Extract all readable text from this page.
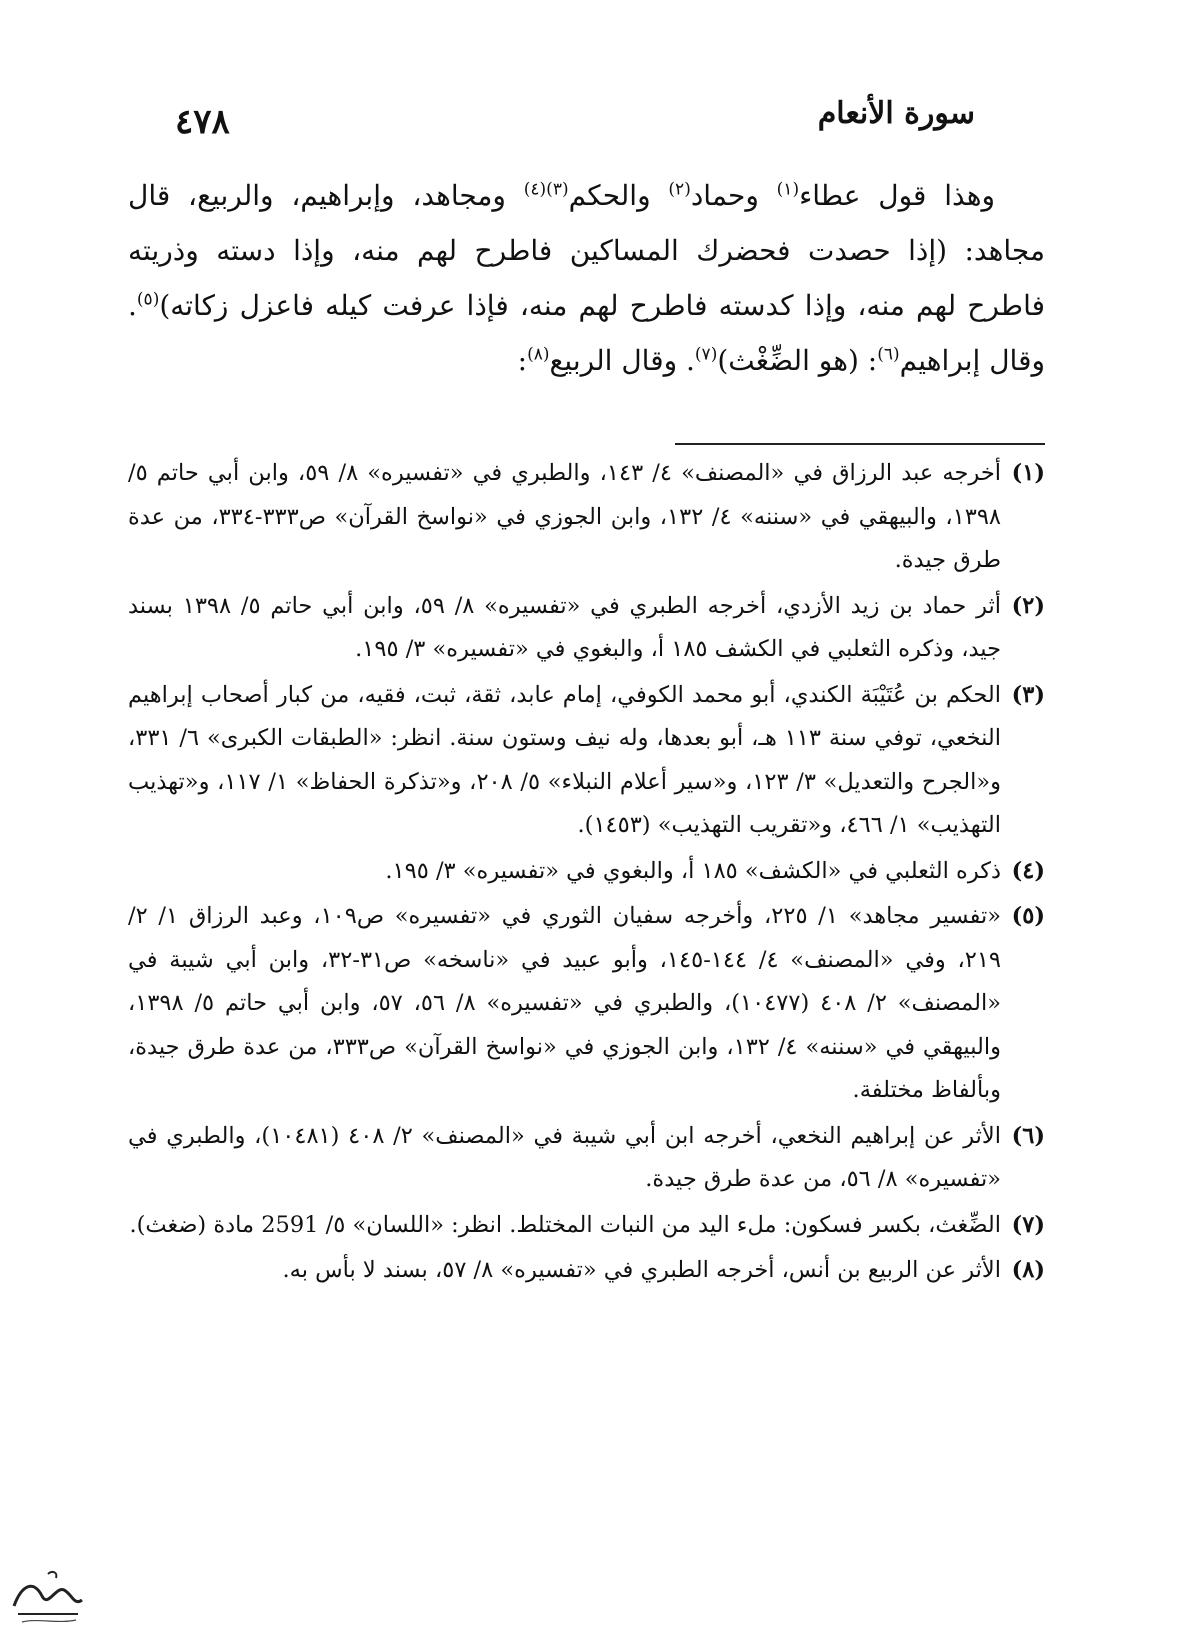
سورة الأنعام
٤٧٨

وهذا قول عطاء$^{(١)}$ وحماد$^{(٢)}$ والحكم$^{(٣)(٤)}$ ومجاهد، وإبراهيم، والربيع، قال مجاهد: (إذا حصدت فحضرك المساكين فاطرح لهم منه، وإذا دسته وذريته فاطرح لهم منه، وإذا كدسته فاطرح لهم منه، فإذا عرفت كيله فاعزل زكاته)$^{(٥)}$. وقال إبراهيم$^{(٦)}$: (هو الضِّغْث)$^{(٧)}$. وقال الربيع$^{(٨)}$:

(١)
أخرجه عبد الرزاق في «المصنف» ٤/ ١٤٣، والطبري في «تفسيره» ٨/ ٥٩، وابن أبي حاتم ٥/ ١٣٩٨، والبيهقي في «سننه» ٤/ ١٣٢، وابن الجوزي في «نواسخ القرآن» ص٣٣٣-٣٣٤، من عدة طرق جيدة.
(٢)
أثر حماد بن زيد الأزدي، أخرجه الطبري في «تفسيره» ٨/ ٥٩، وابن أبي حاتم ٥/ ١٣٩٨ بسند جيد، وذكره الثعلبي في الكشف ١٨٥ أ، والبغوي في «تفسيره» ٣/ ١٩٥.
(٣)
الحكم بن عُتَيْبَة الكندي، أبو محمد الكوفي، إمام عابد، ثقة، ثبت، فقيه، من كبار أصحاب إبراهيم النخعي، توفي سنة ١١٣ هـ، أبو بعدها، وله نيف وستون سنة. انظر: «الطبقات الكبرى» ٦/ ٣٣١، و«الجرح والتعديل» ٣/ ١٢٣، و«سير أعلام النبلاء» ٥/ ٢٠٨، و«تذكرة الحفاظ» ١/ ١١٧، و«تهذيب التهذيب» ١/ ٤٦٦، و«تقريب التهذيب» (١٤٥٣).
(٤)
ذكره الثعلبي في «الكشف» ١٨٥ أ، والبغوي في «تفسيره» ٣/ ١٩٥.
(٥)
«تفسير مجاهد» ١/ ٢٢٥، وأخرجه سفيان الثوري في «تفسيره» ص١٠٩، وعبد الرزاق ١/ ٢/ ٢١٩، وفي «المصنف» ٤/ ١٤٤-١٤٥، وأبو عبيد في «ناسخه» ص٣١-٣٢، وابن أبي شيبة في «المصنف» ٢/ ٤٠٨ (١٠٤٧٧)، والطبري في «تفسيره» ٨/ ٥٦، ٥٧، وابن أبي حاتم ٥/ ١٣٩٨، والبيهقي في «سننه» ٤/ ١٣٢، وابن الجوزي في «نواسخ القرآن» ص٣٣٣، من عدة طرق جيدة، وبألفاظ مختلفة.
(٦)
الأثر عن إبراهيم النخعي، أخرجه ابن أبي شيبة في «المصنف» ٢/ ٤٠٨ (١٠٤٨١)، والطبري في «تفسيره» ٨/ ٥٦، من عدة طرق جيدة.
(٧)
الضِّغث، بكسر فسكون: ملء اليد من النبات المختلط. انظر: «اللسان» ٥/ 2591 مادة (ضغث).
(٨)
الأثر عن الربيع بن أنس، أخرجه الطبري في «تفسيره» ٨/ ٥٧، بسند لا بأس به.
